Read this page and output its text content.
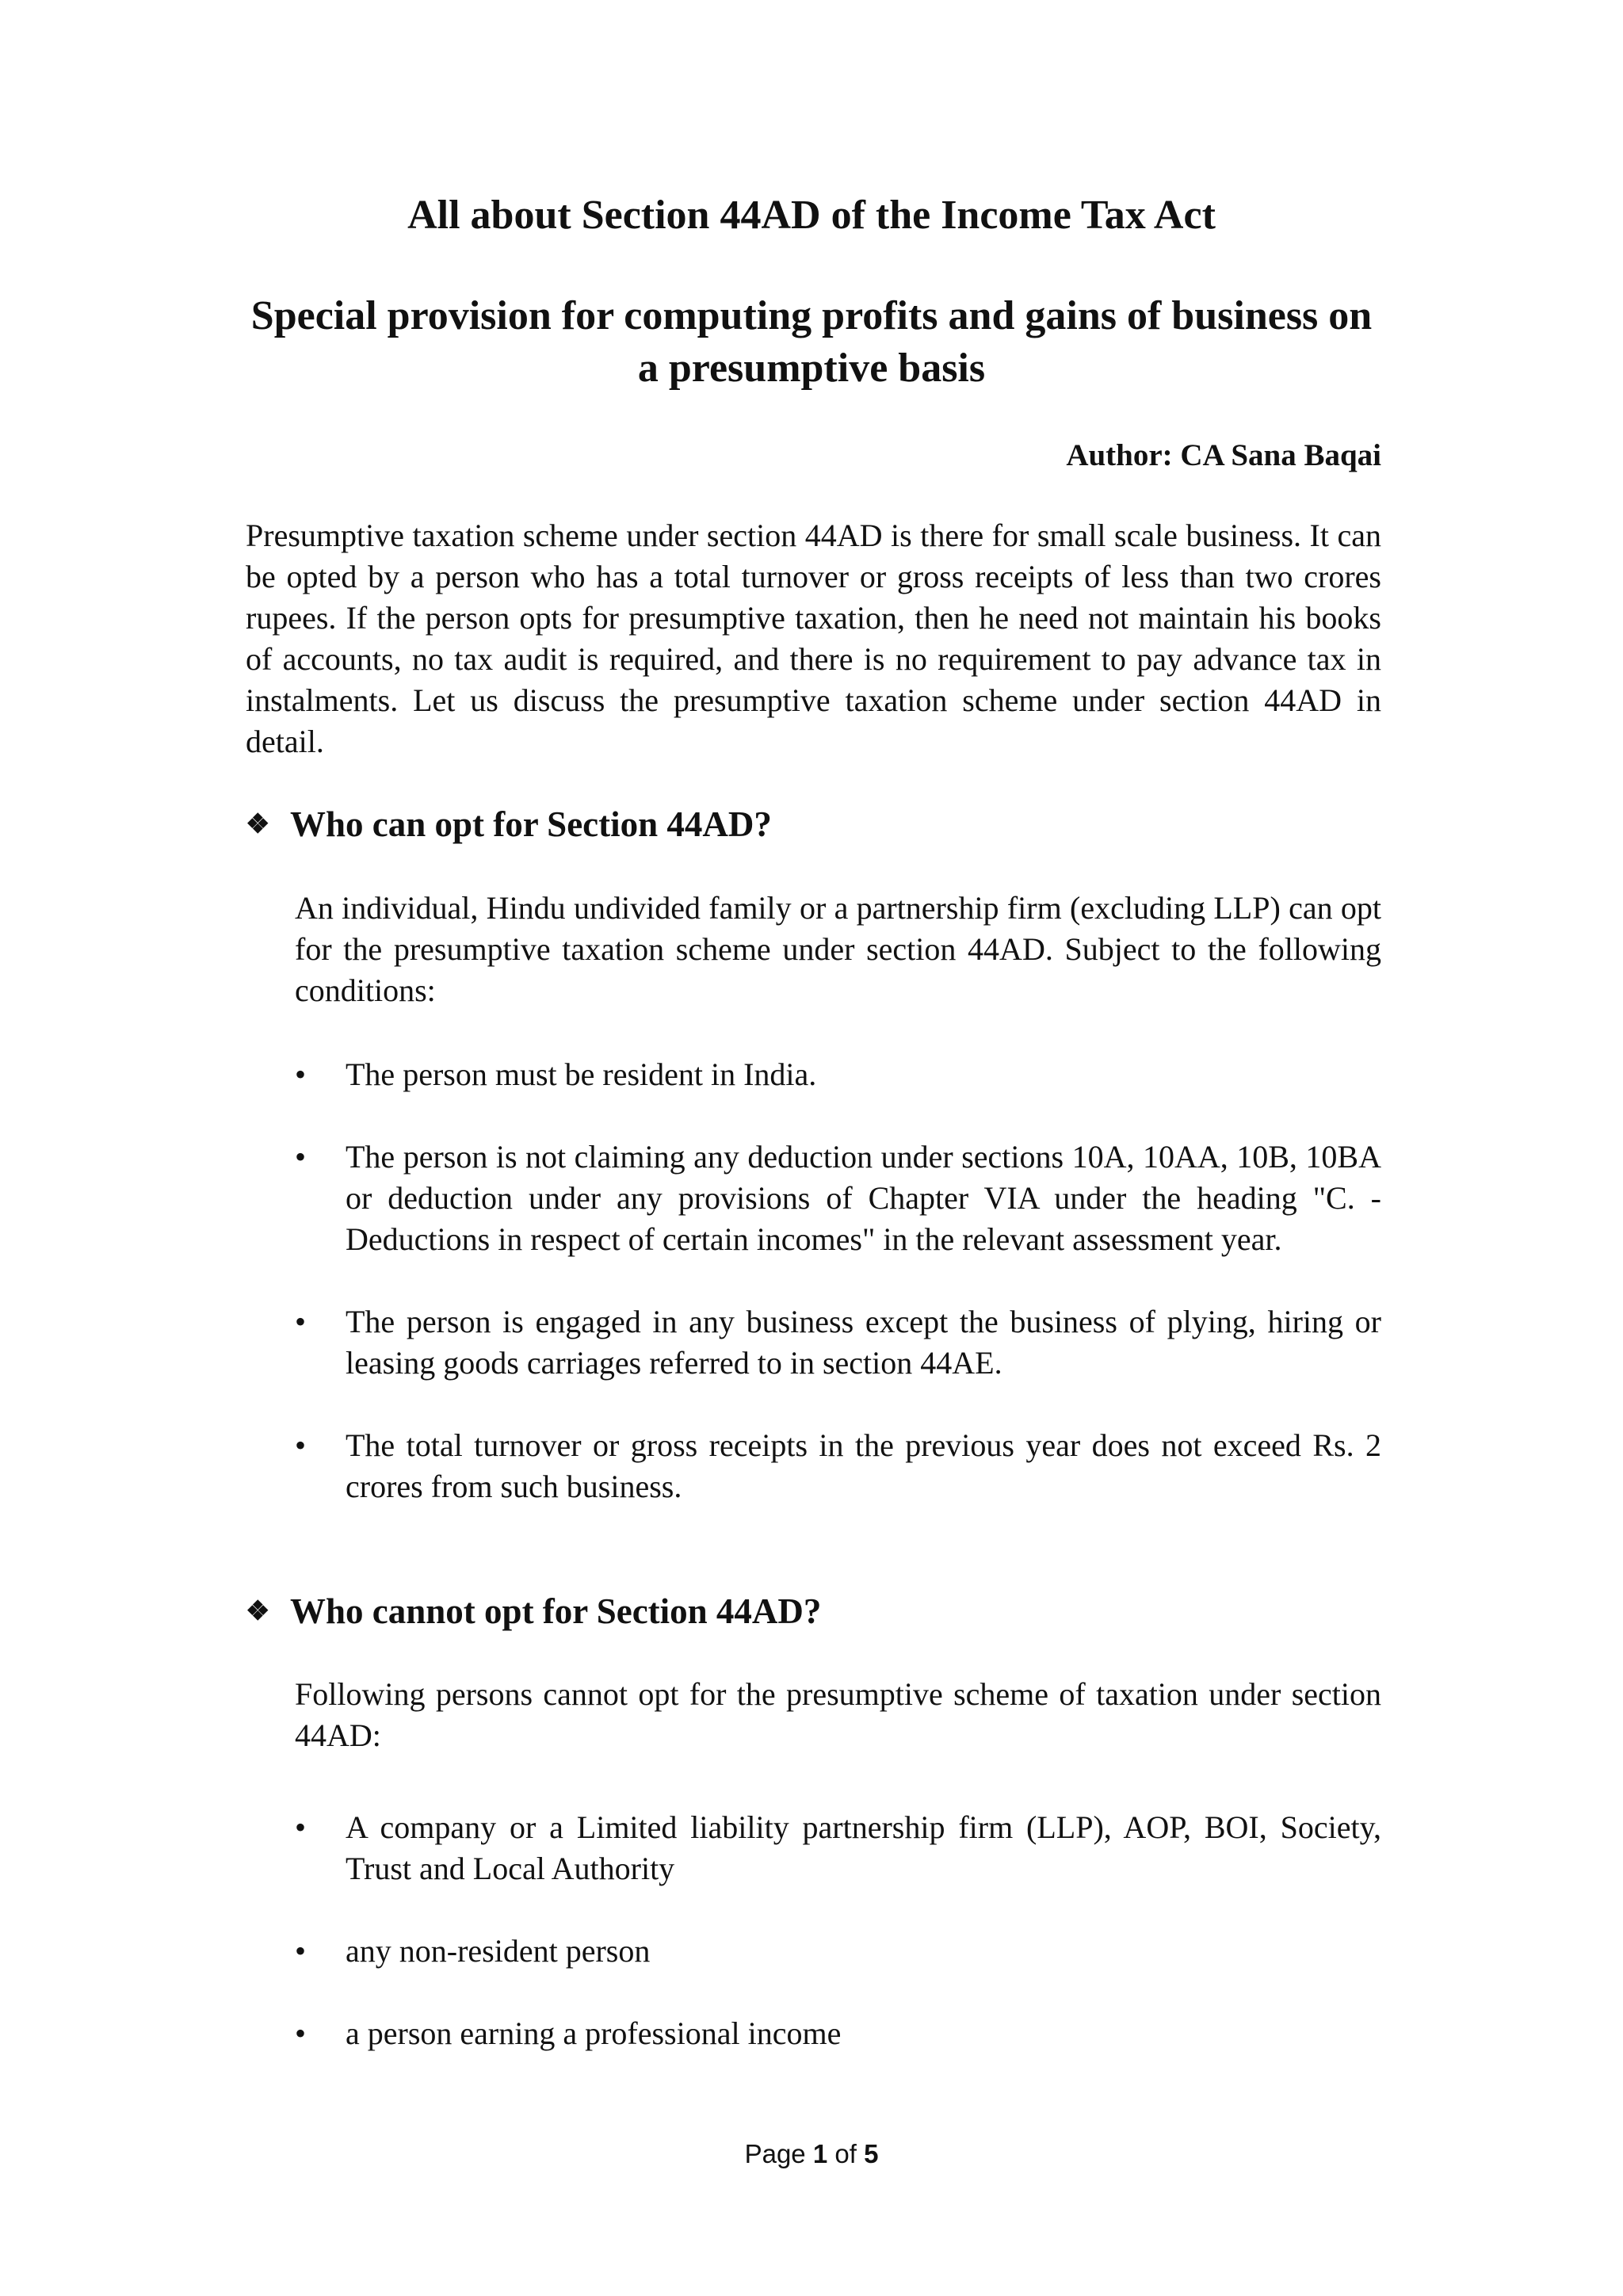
All about Section 44AD of the Income Tax Act
Special provision for computing profits and gains of business on a presumptive basis
Author: CA Sana Baqai
Presumptive taxation scheme under section 44AD is there for small scale business. It can be opted by a person who has a total turnover or gross receipts of less than two crores rupees. If the person opts for presumptive taxation, then he need not maintain his books of accounts, no tax audit is required, and there is no requirement to pay advance tax in instalments. Let us discuss the presumptive taxation scheme under section 44AD in detail.
❖ Who can opt for Section 44AD?
An individual, Hindu undivided family or a partnership firm (excluding LLP) can opt for the presumptive taxation scheme under section 44AD. Subject to the following conditions:
• The person must be resident in India.
• The person is not claiming any deduction under sections 10A, 10AA, 10B, 10BA or deduction under any provisions of Chapter VIA under the heading "C. - Deductions in respect of certain incomes" in the relevant assessment year.
• The person is engaged in any business except the business of plying, hiring or leasing goods carriages referred to in section 44AE.
• The total turnover or gross receipts in the previous year does not exceed Rs. 2 crores from such business.
❖ Who cannot opt for Section 44AD?
Following persons cannot opt for the presumptive scheme of taxation under section 44AD:
• A company or a Limited liability partnership firm (LLP), AOP, BOI, Society, Trust and Local Authority
• any non-resident person
• a person earning a professional income
Page 1 of 5
